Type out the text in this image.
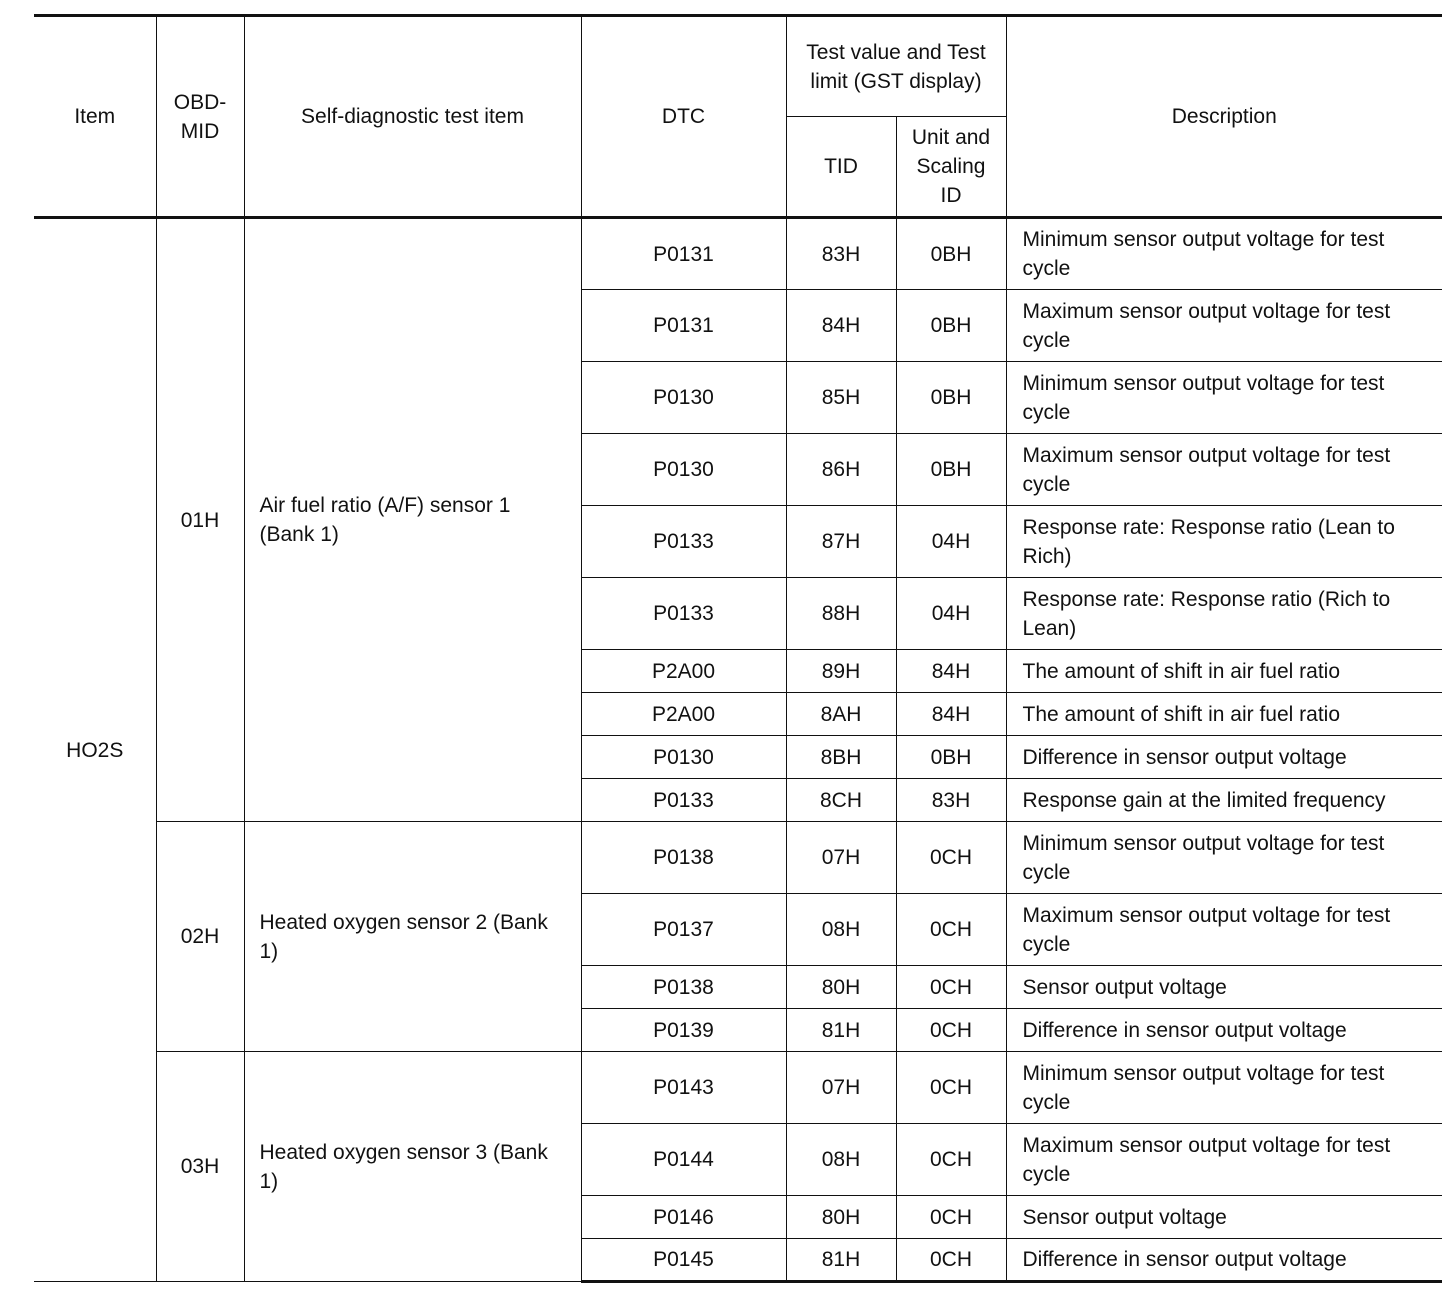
Item	OBD-MID	Self-diagnostic test item	DTC	Test value and Test limit (GST display)		Description
				TID	Unit and Scaling ID	
HO2S	01H	Air fuel ratio (A/F) sensor 1 (Bank 1)	P0131	83H	0BH	Minimum sensor output voltage for test cycle
			P0131	84H	0BH	Maximum sensor output voltage for test cycle
			P0130	85H	0BH	Minimum sensor output voltage for test cycle
			P0130	86H	0BH	Maximum sensor output voltage for test cycle
			P0133	87H	04H	Response rate: Response ratio (Lean to Rich)
			P0133	88H	04H	Response rate: Response ratio (Rich to Lean)
			P2A00	89H	84H	The amount of shift in air fuel ratio
			P2A00	8AH	84H	The amount of shift in air fuel ratio
			P0130	8BH	0BH	Difference in sensor output voltage
			P0133	8CH	83H	Response gain at the limited frequency
	02H	Heated oxygen sensor 2 (Bank 1)	P0138	07H	0CH	Minimum sensor output voltage for test cycle
			P0137	08H	0CH	Maximum sensor output voltage for test cycle
			P0138	80H	0CH	Sensor output voltage
			P0139	81H	0CH	Difference in sensor output voltage
	03H	Heated oxygen sensor 3 (Bank 1)	P0143	07H	0CH	Minimum sensor output voltage for test cycle
			P0144	08H	0CH	Maximum sensor output voltage for test cycle
			P0146	80H	0CH	Sensor output voltage
			P0145	81H	0CH	Difference in sensor output voltage
